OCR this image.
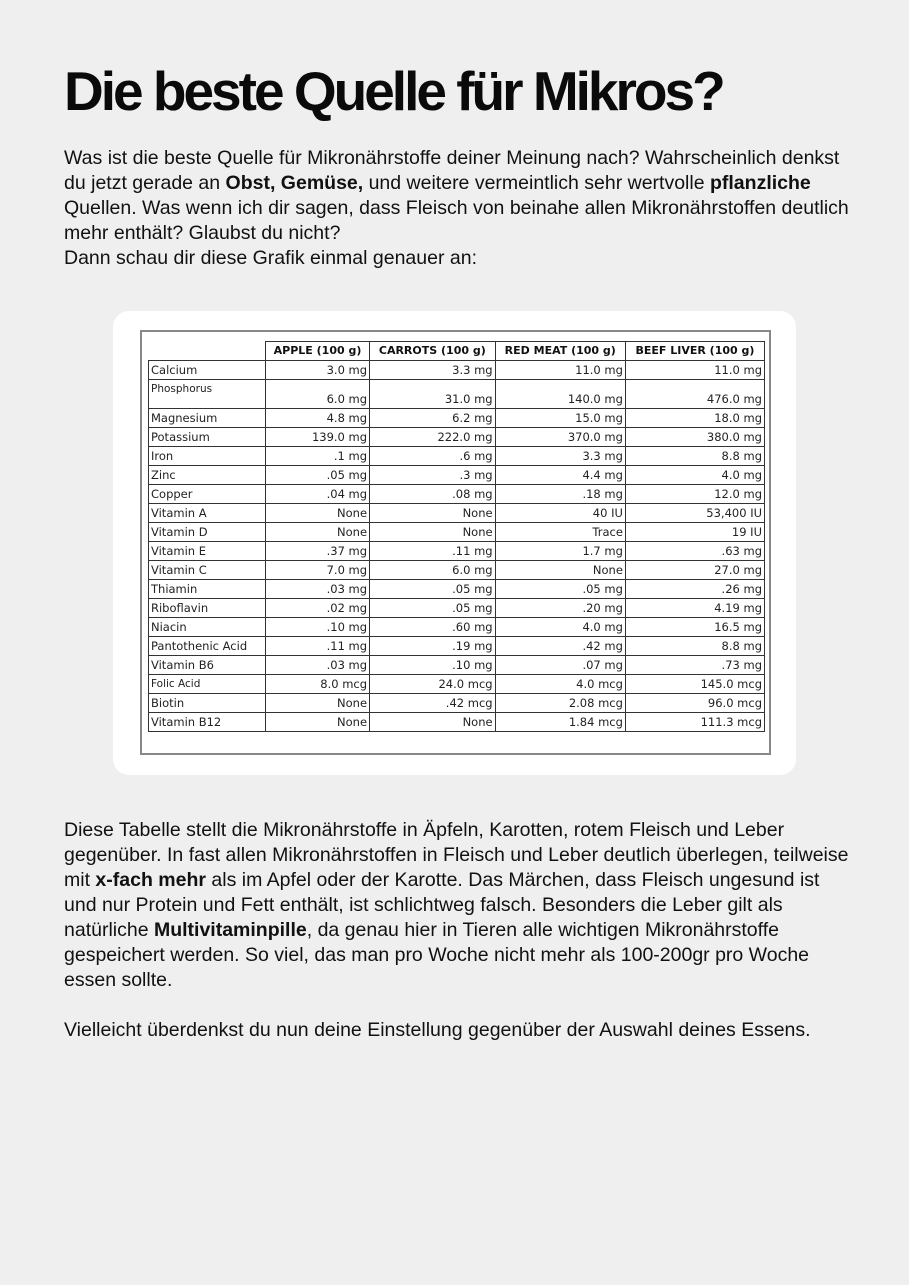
Die beste Quelle für Mikros?

Was ist die beste Quelle für Mikronährstoffe deiner Meinung nach? Wahrscheinlich denkst du jetzt gerade an Obst, Gemüse, und weitere vermeintlich sehr wertvolle pflanzliche Quellen. Was wenn ich dir sagen, dass Fleisch von beinahe allen Mikronährstoffen deutlich mehr enthält? Glaubst du nicht?
Dann schau dir diese Grafik einmal genauer an:

	APPLE (100 g)	CARROTS (100 g)	RED MEAT (100 g)	BEEF LIVER (100 g)
Calcium	3.0 mg	3.3 mg	11.0 mg	11.0 mg
Phosphorus	6.0 mg	31.0 mg	140.0 mg	476.0 mg
Magnesium	4.8 mg	6.2 mg	15.0 mg	18.0 mg
Potassium	139.0 mg	222.0 mg	370.0 mg	380.0 mg
Iron	.1 mg	.6 mg	3.3 mg	8.8 mg
Zinc	.05 mg	.3 mg	4.4 mg	4.0 mg
Copper	.04 mg	.08 mg	.18 mg	12.0 mg
Vitamin A	None	None	40 IU	53,400 IU
Vitamin D	None	None	Trace	19 IU
Vitamin E	.37 mg	.11 mg	1.7 mg	.63 mg
Vitamin C	7.0 mg	6.0 mg	None	27.0 mg
Thiamin	.03 mg	.05 mg	.05 mg	.26 mg
Riboflavin	.02 mg	.05 mg	.20 mg	4.19 mg
Niacin	.10 mg	.60 mg	4.0 mg	16.5 mg
Pantothenic Acid	.11 mg	.19 mg	.42 mg	8.8 mg
Vitamin B6	.03 mg	.10 mg	.07 mg	.73 mg
Folic Acid	8.0 mcg	24.0 mcg	4.0 mcg	145.0 mcg
Biotin	None	.42 mcg	2.08 mcg	96.0 mcg
Vitamin B12	None	None	1.84 mcg	111.3 mcg

Diese Tabelle stellt die Mikronährstoffe in Äpfeln, Karotten, rotem Fleisch und Leber gegenüber. In fast allen Mikronährstoffen in Fleisch und Leber deutlich überlegen, teilweise mit x-fach mehr als im Apfel oder der Karotte. Das Märchen, dass Fleisch ungesund ist und nur Protein und Fett enthält, ist schlichtweg falsch. Besonders die Leber gilt als natürliche Multivitaminpille, da genau hier in Tieren alle wichtigen Mikronährstoffe gespeichert werden. So viel, das man pro Woche nicht mehr als 100-200gr pro Woche essen sollte.

Vielleicht überdenkst du nun deine Einstellung gegenüber der Auswahl deines Essens.
